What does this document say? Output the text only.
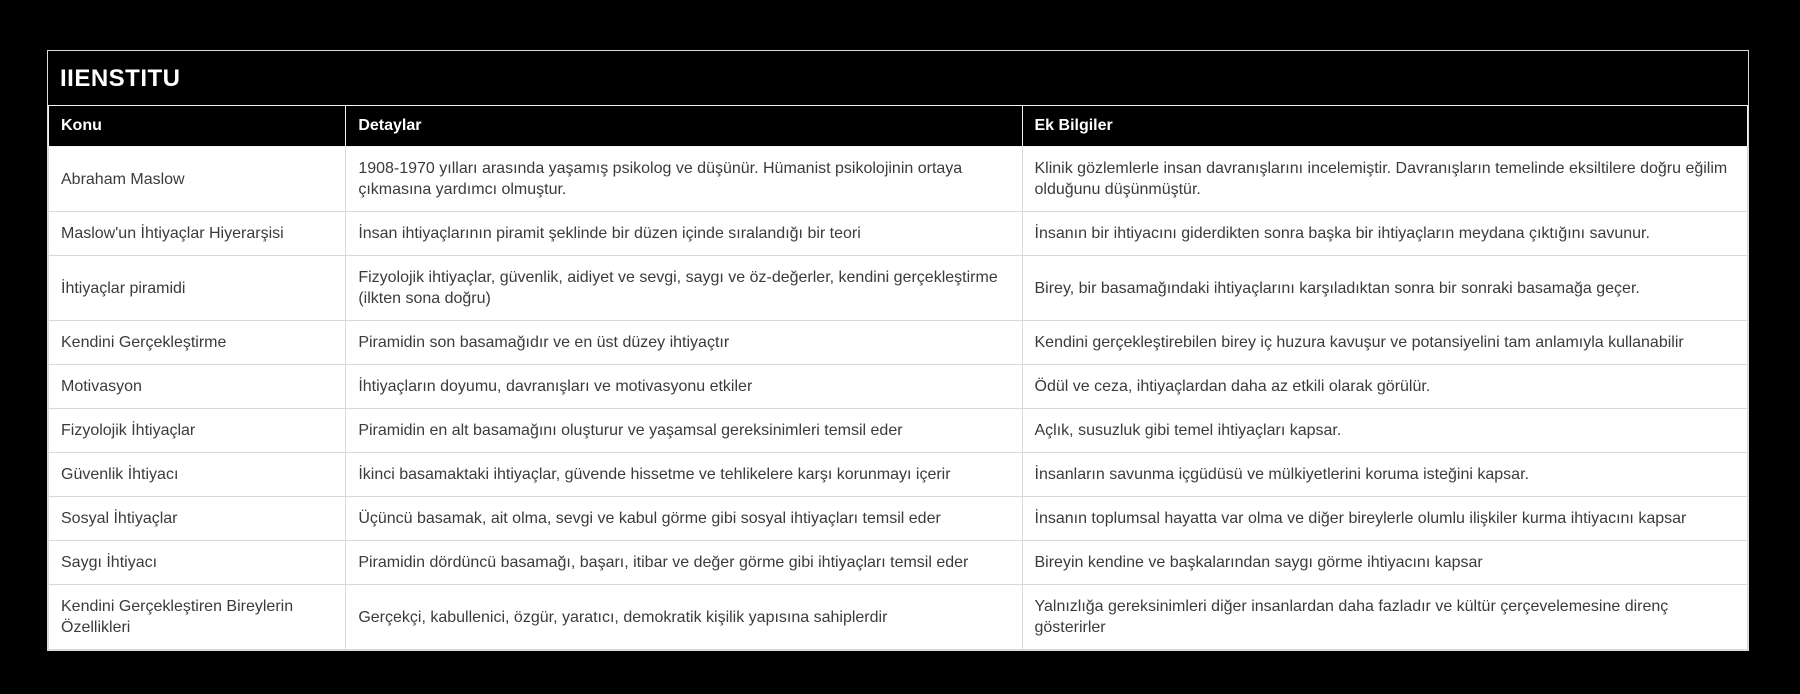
IIENSTITU
Konu	Detaylar	Ek Bilgiler
Abraham Maslow	1908-1970 yılları arasında yaşamış psikolog ve düşünür. Hümanist psikolojinin ortaya çıkmasına yardımcı olmuştur.	Klinik gözlemlerle insan davranışlarını incelemiştir. Davranışların temelinde eksiltilere doğru eğilim olduğunu düşünmüştür.
Maslow'un İhtiyaçlar Hiyerarşisi	İnsan ihtiyaçlarının piramit şeklinde bir düzen içinde sıralandığı bir teori	İnsanın bir ihtiyacını giderdikten sonra başka bir ihtiyaçların meydana çıktığını savunur.
İhtiyaçlar piramidi	Fizyolojik ihtiyaçlar, güvenlik, aidiyet ve sevgi, saygı ve öz-değerler, kendini gerçekleştirme (ilkten sona doğru)	Birey, bir basamağındaki ihtiyaçlarını karşıladıktan sonra bir sonraki basamağa geçer.
Kendini Gerçekleştirme	Piramidin son basamağıdır ve en üst düzey ihtiyaçtır	Kendini gerçekleştirebilen birey iç huzura kavuşur ve potansiyelini tam anlamıyla kullanabilir
Motivasyon	İhtiyaçların doyumu, davranışları ve motivasyonu etkiler	Ödül ve ceza, ihtiyaçlardan daha az etkili olarak görülür.
Fizyolojik İhtiyaçlar	Piramidin en alt basamağını oluşturur ve yaşamsal gereksinimleri temsil eder	Açlık, susuzluk gibi temel ihtiyaçları kapsar.
Güvenlik İhtiyacı	İkinci basamaktaki ihtiyaçlar, güvende hissetme ve tehlikelere karşı korunmayı içerir	İnsanların savunma içgüdüsü ve mülkiyetlerini koruma isteğini kapsar.
Sosyal İhtiyaçlar	Üçüncü basamak, ait olma, sevgi ve kabul görme gibi sosyal ihtiyaçları temsil eder	İnsanın toplumsal hayatta var olma ve diğer bireylerle olumlu ilişkiler kurma ihtiyacını kapsar
Saygı İhtiyacı	Piramidin dördüncü basamağı, başarı, itibar ve değer görme gibi ihtiyaçları temsil eder	Bireyin kendine ve başkalarından saygı görme ihtiyacını kapsar
Kendini Gerçekleştiren Bireylerin Özellikleri	Gerçekçi, kabullenici, özgür, yaratıcı, demokratik kişilik yapısına sahiplerdir	Yalnızlığa gereksinimleri diğer insanlardan daha fazladır ve kültür çerçevelemesine direnç gösterirler
